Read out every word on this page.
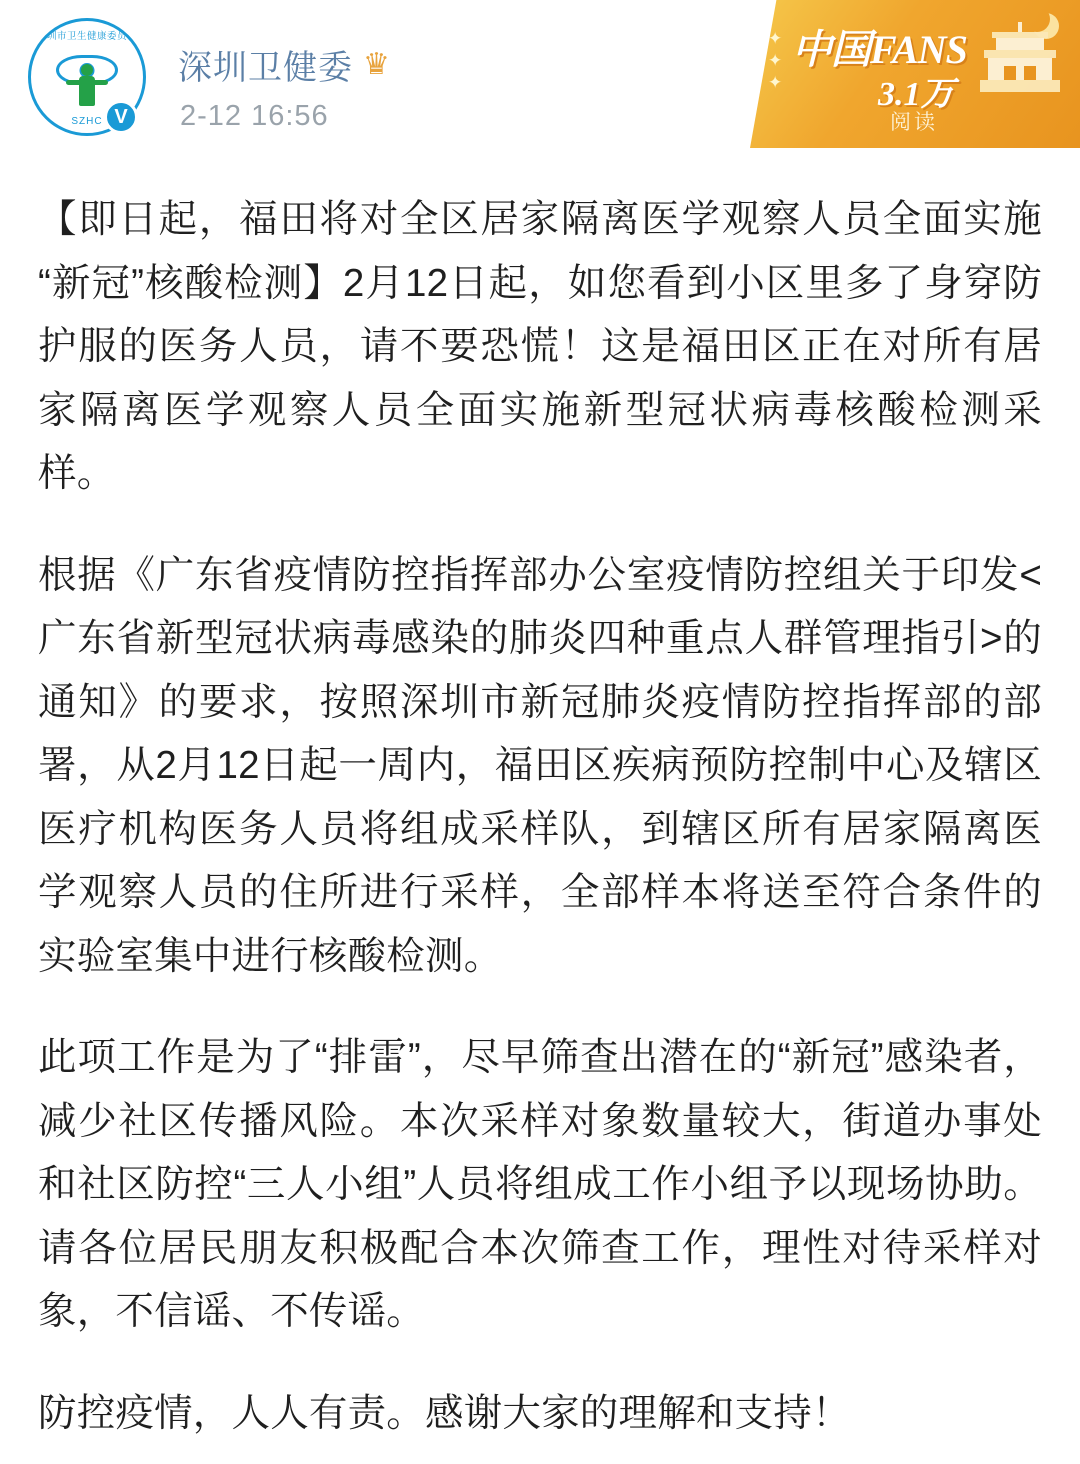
深圳市卫生健康委员会
SZHC V
深圳卫健委 ♛
2-12 16:56
✦
✦
✦
中国FANS
3.1万
阅读

【即日起，福田将对全区居家隔离医学观察人员全面实施“新冠”核酸检测】2月12日起，如您看到小区里多了身穿防护服的医务人员，请不要恐慌！这是福田区正在对所有居家隔离医学观察人员全面实施新型冠状病毒核酸检测采样。

根据《广东省疫情防控指挥部办公室疫情防控组关于印发<广东省新型冠状病毒感染的肺炎四种重点人群管理指引>的通知》的要求，按照深圳市新冠肺炎疫情防控指挥部的部署，从2月12日起一周内，福田区疾病预防控制中心及辖区医疗机构医务人员将组成采样队，到辖区所有居家隔离医学观察人员的住所进行采样，全部样本将送至符合条件的实验室集中进行核酸检测。

此项工作是为了“排雷”，尽早筛查出潜在的“新冠”感染者，减少社区传播风险。本次采样对象数量较大，街道办事处和社区防控“三人小组”人员将组成工作小组予以现场协助。请各位居民朋友积极配合本次筛查工作，理性对待采样对象，不信谣、不传谣。

防控疫情，人人有责。感谢大家的理解和支持！
